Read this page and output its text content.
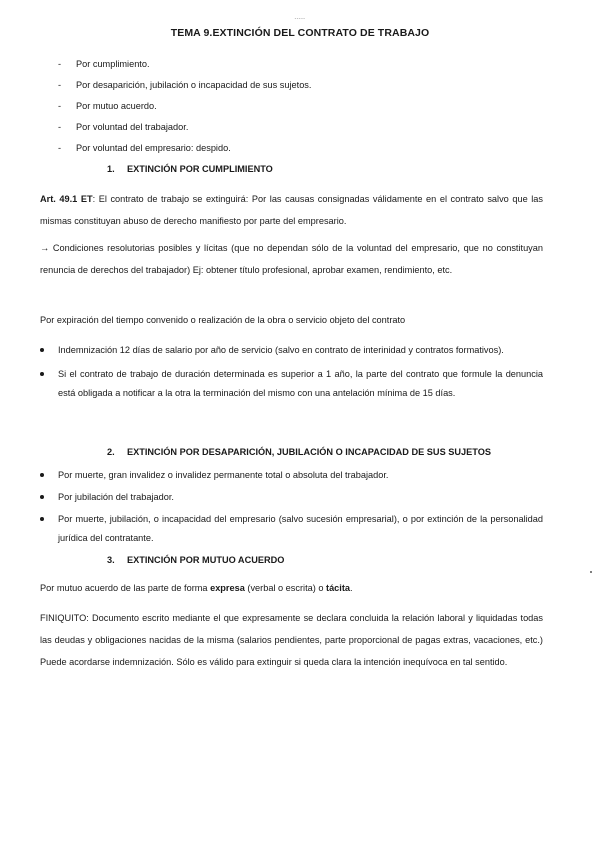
-----
TEMA 9.EXTINCIÓN DEL CONTRATO DE TRABAJO
-	Por cumplimiento.
-	Por desaparición, jubilación o incapacidad de sus sujetos.
-	Por mutuo acuerdo.
-	Por voluntad del trabajador.
-	Por voluntad del empresario: despido.
1. EXTINCIÓN POR CUMPLIMIENTO
Art. 49.1 ET: El contrato de trabajo se extinguirá: Por las causas consignadas válidamente en el contrato salvo que las mismas constituyan abuso de derecho manifiesto por parte del empresario.
→ Condiciones resolutorias posibles y lícitas (que no dependan sólo de la voluntad del empresario, que no constituyan renuncia de derechos del trabajador) Ej: obtener título profesional, aprobar examen, rendimiento, etc.
Por expiración del tiempo convenido o realización de la obra o servicio objeto del contrato
Indemnización 12 días de salario por año de servicio (salvo en contrato de interinidad y contratos formativos).
Si el contrato de trabajo de duración determinada es superior a 1 año, la parte del contrato que formule la denuncia está obligada a notificar a la otra la terminación del mismo con una antelación mínima de 15 días.
2. EXTINCIÓN POR DESAPARICIÓN, JUBILACIÓN O INCAPACIDAD DE SUS SUJETOS
Por muerte, gran invalidez o invalidez permanente total o absoluta del trabajador.
Por jubilación del trabajador.
Por muerte, jubilación, o incapacidad del empresario (salvo sucesión empresarial), o por extinción de la personalidad jurídica del contratante.
3. EXTINCIÓN POR MUTUO ACUERDO
Por mutuo acuerdo de las parte de forma expresa (verbal o escrita) o tácita.
FINIQUITO: Documento escrito mediante el que expresamente se declara concluida la relación laboral y liquidadas todas las deudas y obligaciones nacidas de la misma (salarios pendientes, parte proporcional de pagas extras, vacaciones, etc.) Puede acordarse indemnización. Sólo es válido para extinguir si queda clara la intención inequívoca en tal sentido.
